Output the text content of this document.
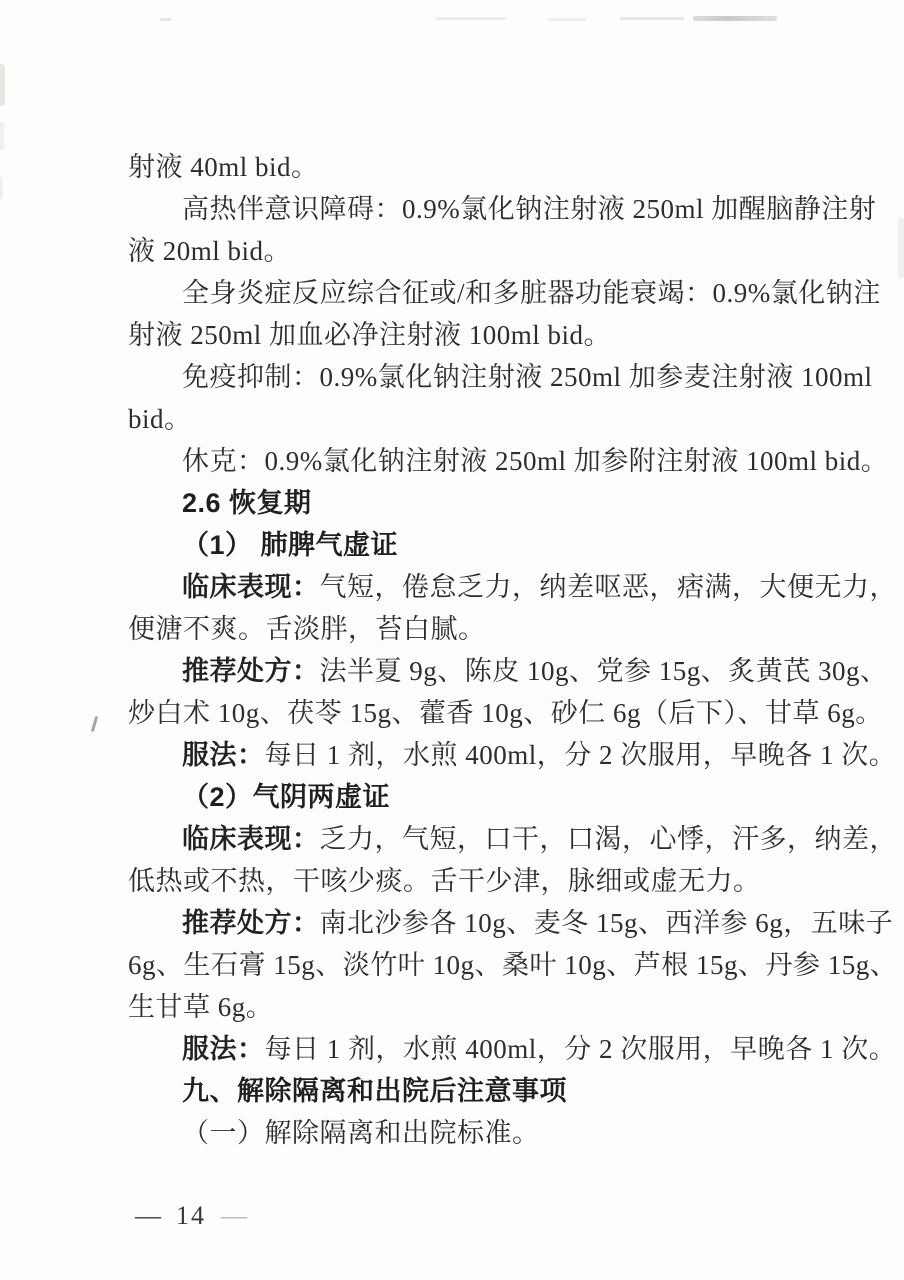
射液 40ml bid。
高热伴意识障碍：0.9%氯化钠注射液 250ml 加醒脑静注射
液 20ml bid。
全身炎症反应综合征或/和多脏器功能衰竭：0.9%氯化钠注
射液 250ml 加血必净注射液 100ml bid。
免疫抑制：0.9%氯化钠注射液 250ml 加参麦注射液 100ml
bid。
休克：0.9%氯化钠注射液 250ml 加参附注射液 100ml bid。
2.6 恢复期
（1） 肺脾气虚证
临床表现：气短，倦怠乏力，纳差呕恶，痞满，大便无力，
便溏不爽。舌淡胖，苔白腻。
推荐处方：法半夏 9g、陈皮 10g、党参 15g、炙黄芪 30g、
炒白术 10g、茯苓 15g、藿香 10g、砂仁 6g（后下）、甘草 6g。
服法：每日 1 剂，水煎 400ml，分 2 次服用，早晚各 1 次。
（2）气阴两虚证
临床表现：乏力，气短，口干，口渴，心悸，汗多，纳差，
低热或不热，干咳少痰。舌干少津，脉细或虚无力。
推荐处方：南北沙参各 10g、麦冬 15g、西洋参 6g，五味子
6g、生石膏 15g、淡竹叶 10g、桑叶 10g、芦根 15g、丹参 15g、
生甘草 6g。
服法：每日 1 剂，水煎 400ml，分 2 次服用，早晚各 1 次。
九、解除隔离和出院后注意事项
（一）解除隔离和出院标准。
— 14 —
